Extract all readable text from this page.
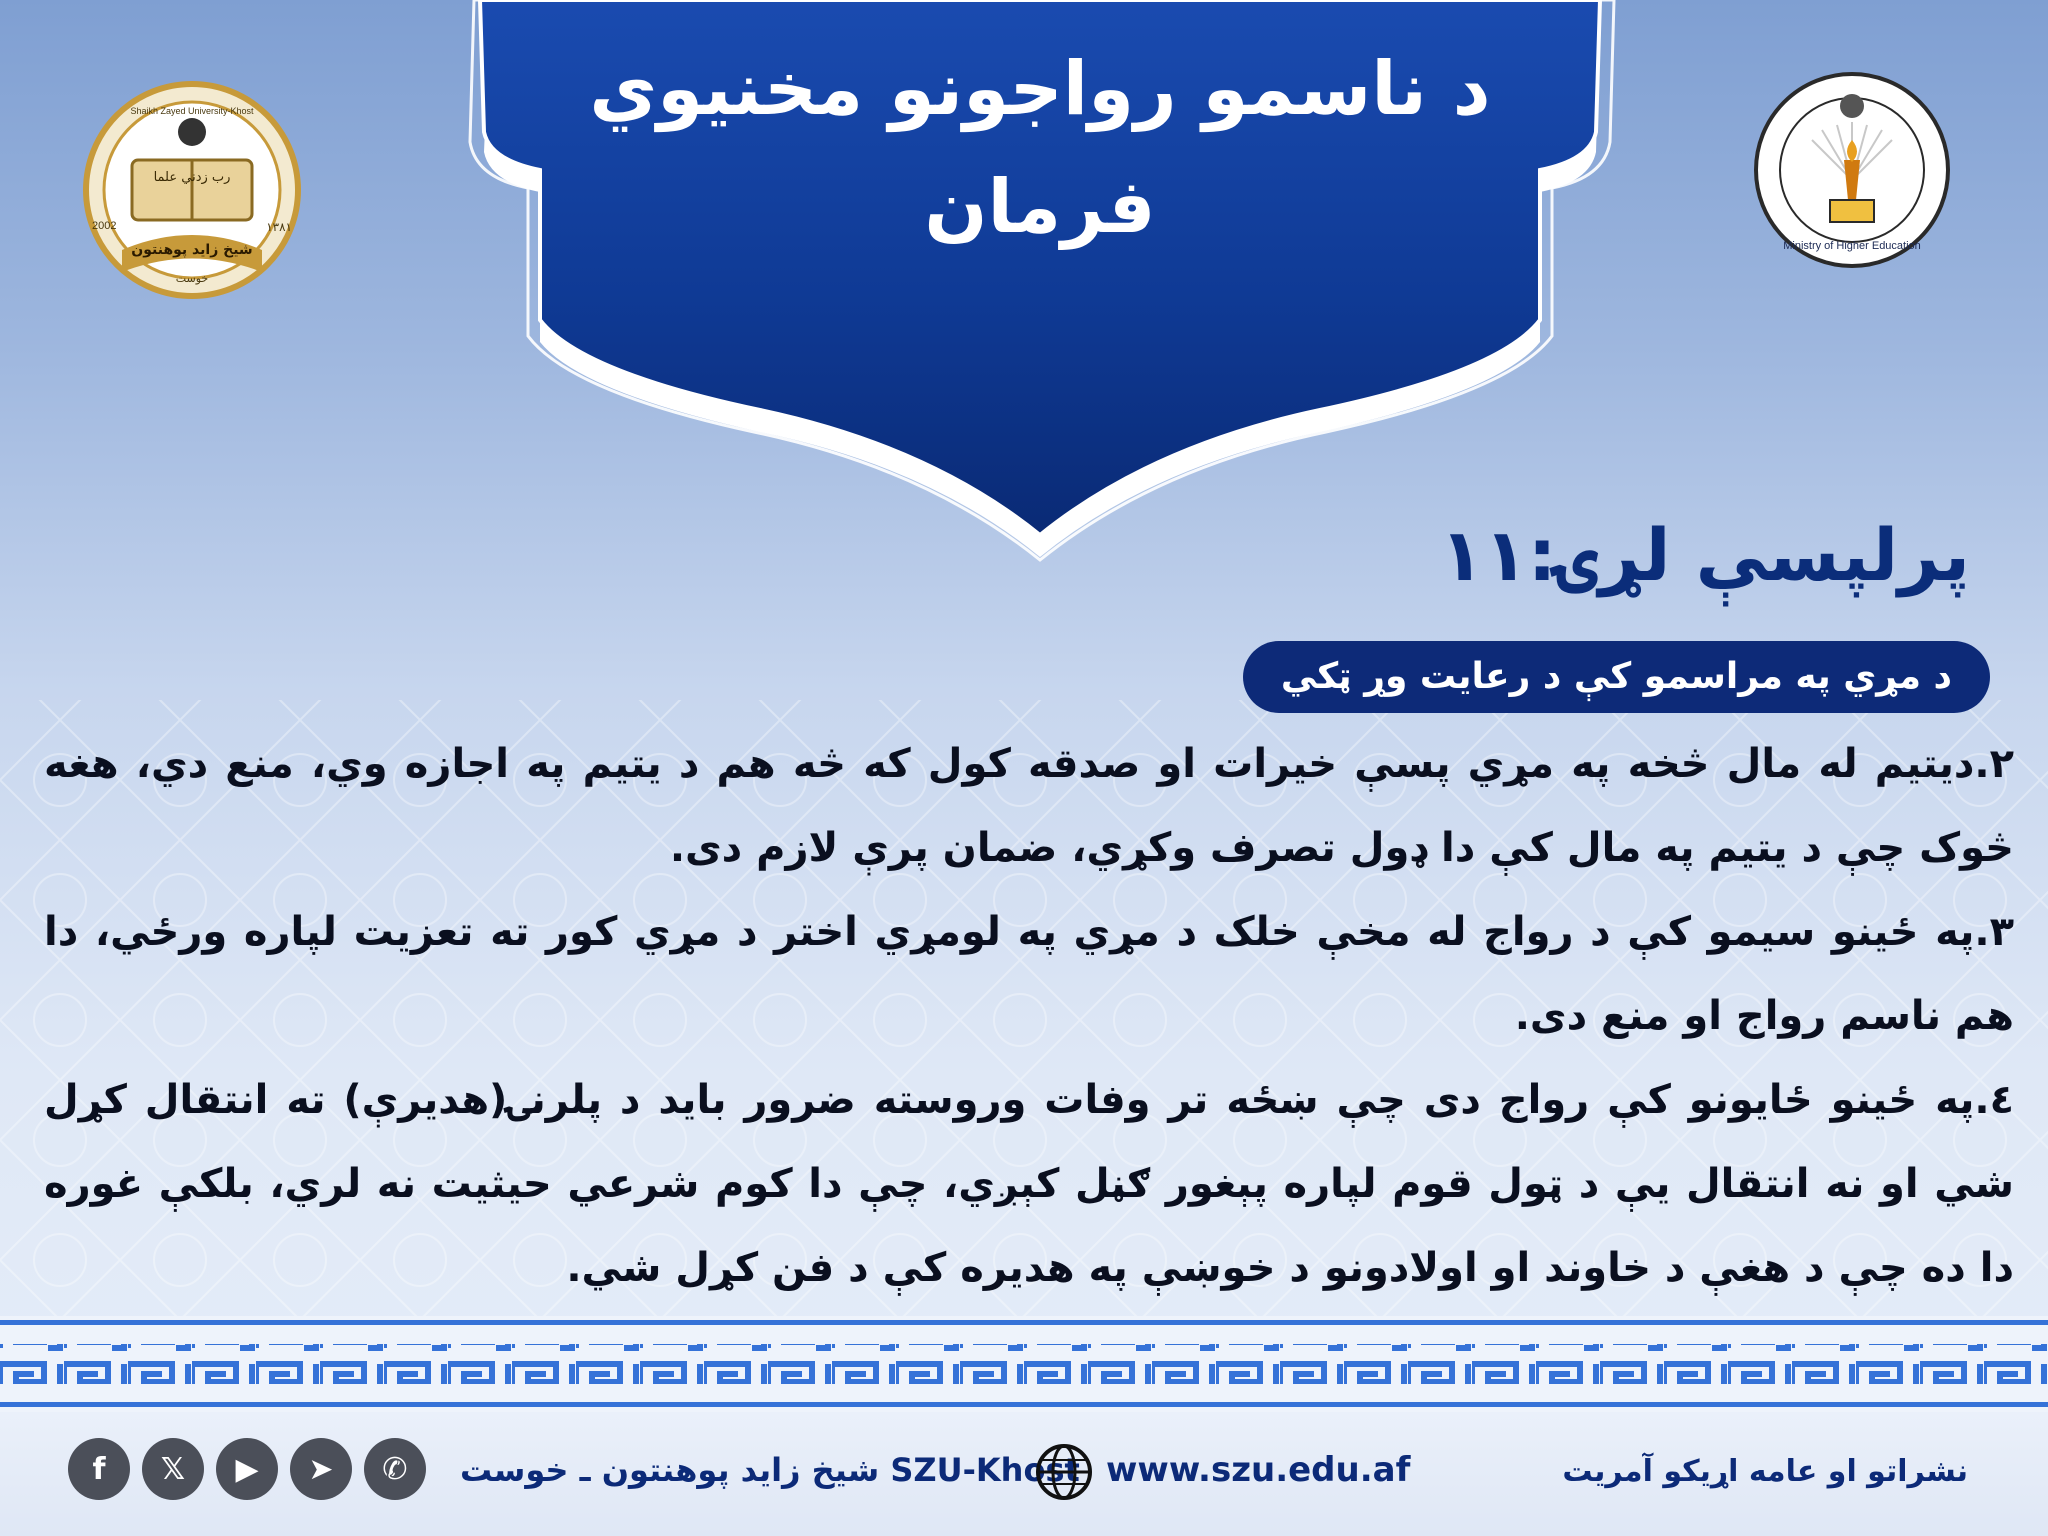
د ناسمو رواجونو مخنيوي
فرمان
Shaikh Zayed University-Khost
رب زدني علما
2002	۱۳۸۱
شيخ زايد پوهنتون
خوست
Ministry of Higher Education
پرلپسې لړۍ:۱۱
د مړي په مراسمو کې د رعايت وړ ټکي

۲.ديتيم له مال څخه په مړي پسې خيرات او صدقه کول که څه هم د يتيم په اجازه وي، منع دي، هغه څوک چې د يتيم په مال کې دا ډول تصرف وکړي، ضمان پرې لازم دی.

۳.په ځينو سيمو کې د رواج له مخې خلک د مړي په لومړي اختر د مړي کور ته تعزيت لپاره ورځي، دا هم ناسم رواج او منع دی.

٤.په ځينو ځايونو کې رواج دی چې ښځه تر وفات وروسته ضرور بايد د پلرنۍ(هديرې) ته انتقال کړل شي او نه انتقال يې د ټول قوم لپاره پېغور ګڼل کېږي، چې دا کوم شرعي حيثيت نه لري، بلکې غوره دا ده چې د هغې د خاوند او اولادونو د خوښې په هديره کې د فن کړل شي.

f	𝕏	▶	➤	✆	SZU-Khost شيخ زايد پوهنتون ـ خوست www.szu.edu.af	نشراتو او عامه اړيکو آمريت
